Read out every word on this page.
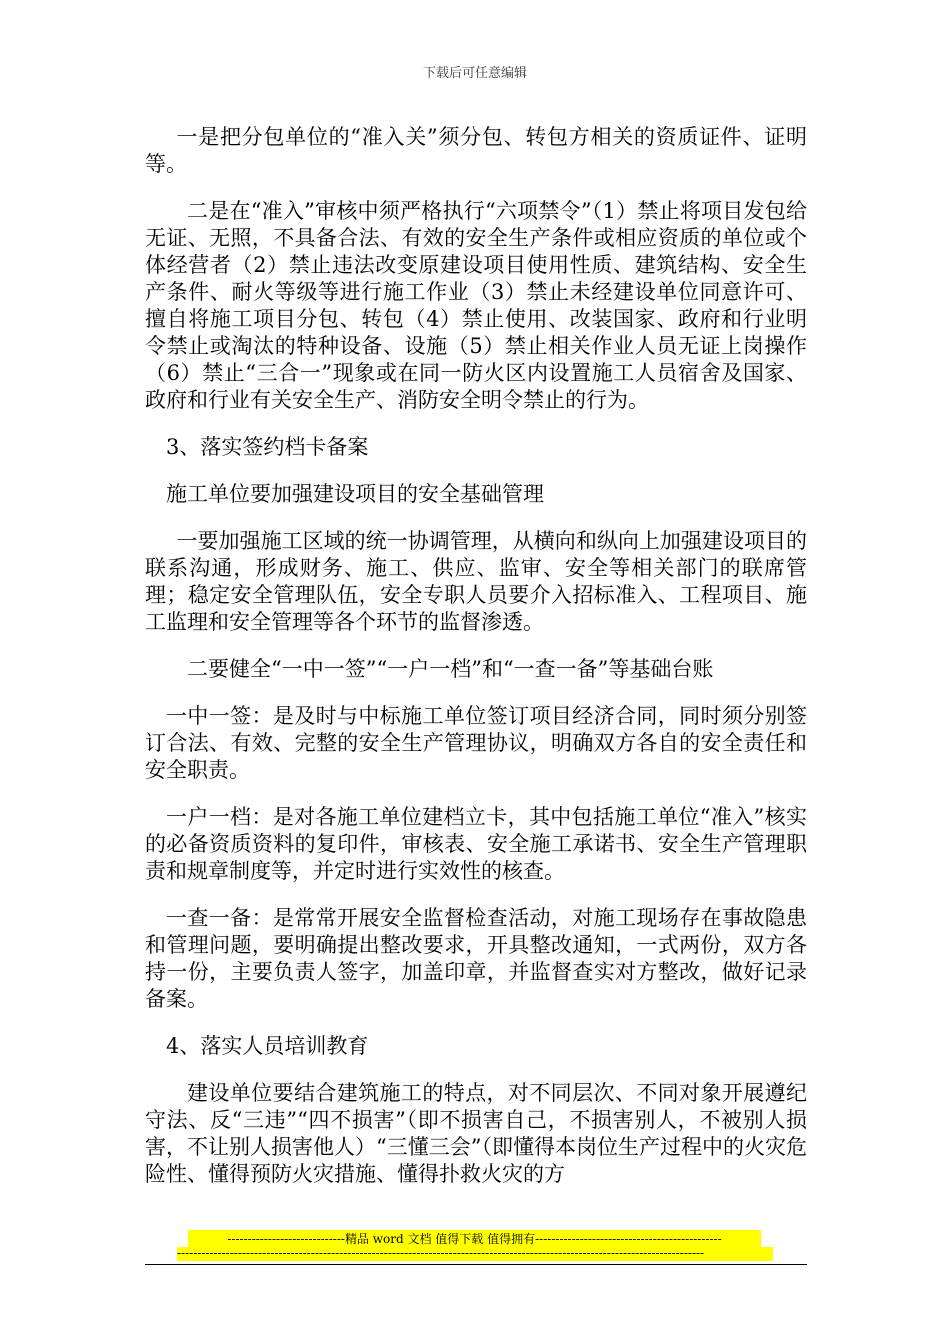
下载后可任意编辑

一是把分包单位的“准入关”须分包、转包方相关的资质证件、证明等。

二是在“准入”审核中须严格执行“六项禁令”（1）禁止将项目发包给无证、无照，不具备合法、有效的安全生产条件或相应资质的单位或个体经营者（2）禁止违法改变原建设项目使用性质、建筑结构、安全生产条件、耐火等级等进行施工作业（3）禁止未经建设单位同意许可、擅自将施工项目分包、转包（4）禁止使用、改装国家、政府和行业明令禁止或淘汰的特种设备、设施（5）禁止相关作业人员无证上岗操作（6）禁止“三合一”现象或在同一防火区内设置施工人员宿舍及国家、政府和行业有关安全生产、消防安全明令禁止的行为。

3、落实签约档卡备案

施工单位要加强建设项目的安全基础管理

一要加强施工区域的统一协调管理，从横向和纵向上加强建设项目的联系沟通，形成财务、施工、供应、监审、安全等相关部门的联席管理；稳定安全管理队伍，安全专职人员要介入招标准入、工程项目、施工监理和安全管理等各个环节的监督渗透。

二要健全“一中一签”“一户一档”和“一查一备”等基础台账

一中一签：是及时与中标施工单位签订项目经济合同，同时须分别签订合法、有效、完整的安全生产管理协议，明确双方各自的安全责任和安全职责。

一户一档：是对各施工单位建档立卡，其中包括施工单位“准入”核实的必备资质资料的复印件，审核表、安全施工承诺书、安全生产管理职责和规章制度等，并定时进行实效性的核查。

一查一备：是常常开展安全监督检查活动，对施工现场存在事故隐患和管理问题，要明确提出整改要求，开具整改通知，一式两份，双方各持一份，主要负责人签字，加盖印章，并监督查实对方整改，做好记录备案。

4、落实人员培训教育

建设单位要结合建筑施工的特点，对不同层次、不同对象开展遵纪守法、反“三违”“四不损害”（即不损害自己，不损害别人，不被别人损害，不让别人损害他人）“三懂三会”（即懂得本岗位生产过程中的火灾危险性、懂得预防火灾措施、懂得扑救火灾的方

-----------------------------精品 word 文档 值得下载 值得拥有----------------------------------------------
----------------------------------------------------------------------------------------------------------------------------------
